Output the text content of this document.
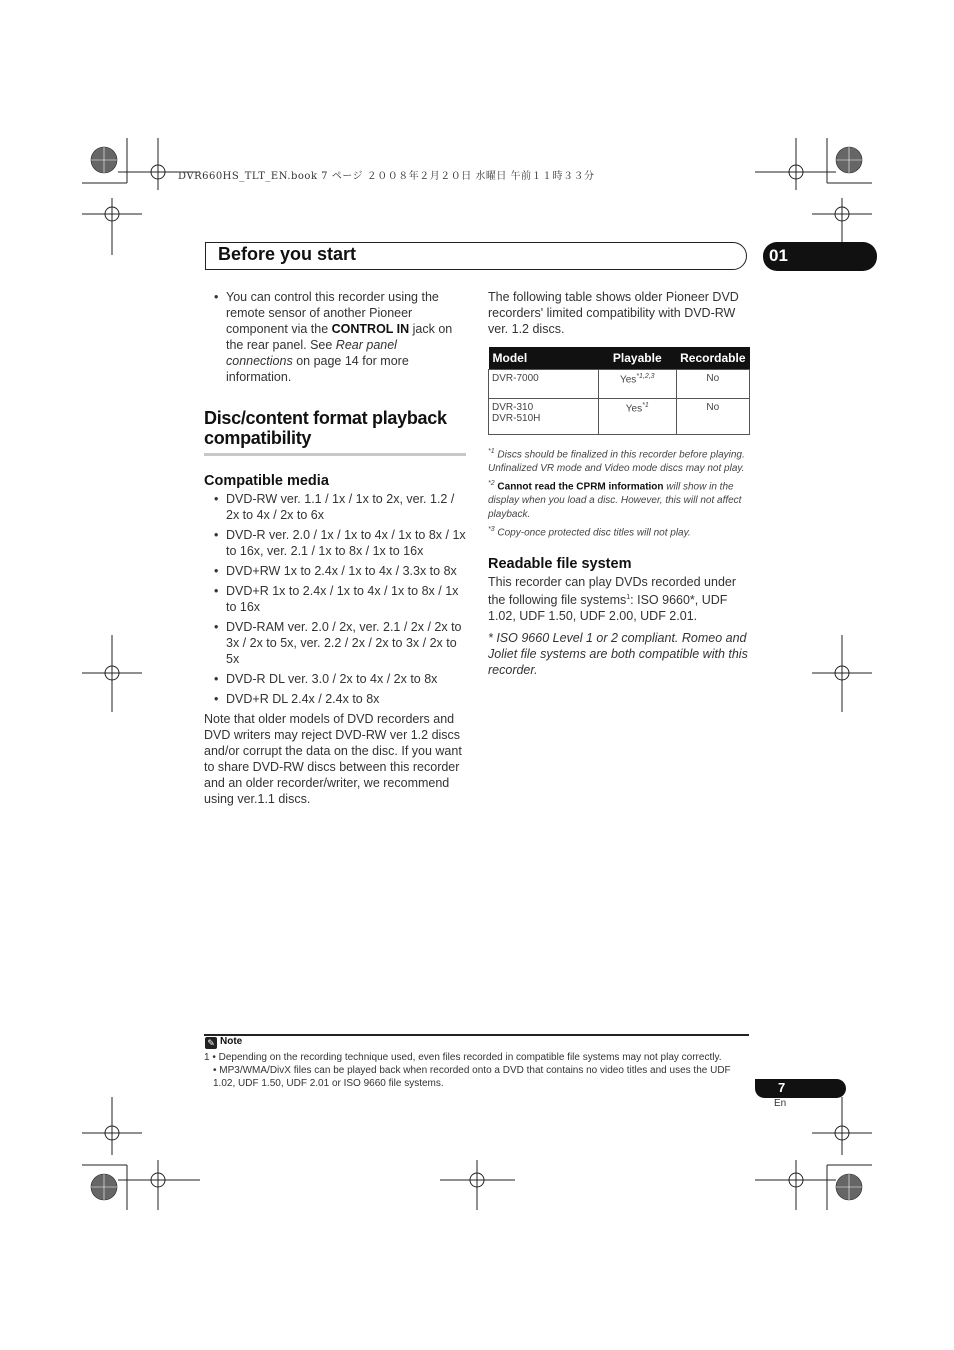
DVR660HS_TLT_EN.book 7 ページ ２００８年２月２０日 水曜日 午前１１時３３分
Before you start	01
• You can control this recorder using the remote sensor of another Pioneer component via the CONTROL IN jack on the rear panel. See Rear panel connections on page 14 for more information.
Disc/content format playback compatibility
Compatible media
• DVD-RW ver. 1.1 / 1x / 1x to 2x, ver. 1.2 / 2x to 4x / 2x to 6x
• DVD-R ver. 2.0 / 1x / 1x to 4x / 1x to 8x / 1x to 16x, ver. 2.1 / 1x to 8x / 1x to 16x
• DVD+RW 1x to 2.4x / 1x to 4x / 3.3x to 8x
• DVD+R 1x to 2.4x / 1x to 4x / 1x to 8x / 1x to 16x
• DVD-RAM ver. 2.0 / 2x, ver. 2.1 / 2x / 2x to 3x / 2x to 5x, ver. 2.2 / 2x / 2x to 3x / 2x to 5x
• DVD-R DL ver. 3.0 / 2x to 4x / 2x to 8x
• DVD+R DL 2.4x / 2.4x to 8x
Note that older models of DVD recorders and DVD writers may reject DVD-RW ver 1.2 discs and/or corrupt the data on the disc. If you want to share DVD-RW discs between this recorder and an older recorder/writer, we recommend using ver.1.1 discs.
The following table shows older Pioneer DVD recorders' limited compatibility with DVD-RW ver. 1.2 discs.
Model	Playable	Recordable
DVR-7000	Yes$^{*1,2,3}$	No
DVR-310
DVR-510H	Yes$^{*1}$	No
$^{*1}$ Discs should be finalized in this recorder before playing. Unfinalized VR mode and Video mode discs may not play.
$^{*2}$ Cannot read the CPRM information will show in the display when you load a disc. However, this will not affect playback.
$^{*3}$ Copy-once protected disc titles will not play.
Readable file system
This recorder can play DVDs recorded under the following file systems$^1$: ISO 9660*, UDF 1.02, UDF 1.50, UDF 2.00, UDF 2.01.
* ISO 9660 Level 1 or 2 compliant. Romeo and Joliet file systems are both compatible with this recorder.
✎ Note

1 • Depending on the recording technique used, even files recorded in compatible file systems may not play correctly.

• MP3/WMA/DivX files can be played back when recorded onto a DVD that contains no video titles and uses the UDF 1.02, UDF 1.50, UDF 2.01 or ISO 9660 file systems.	7
En
